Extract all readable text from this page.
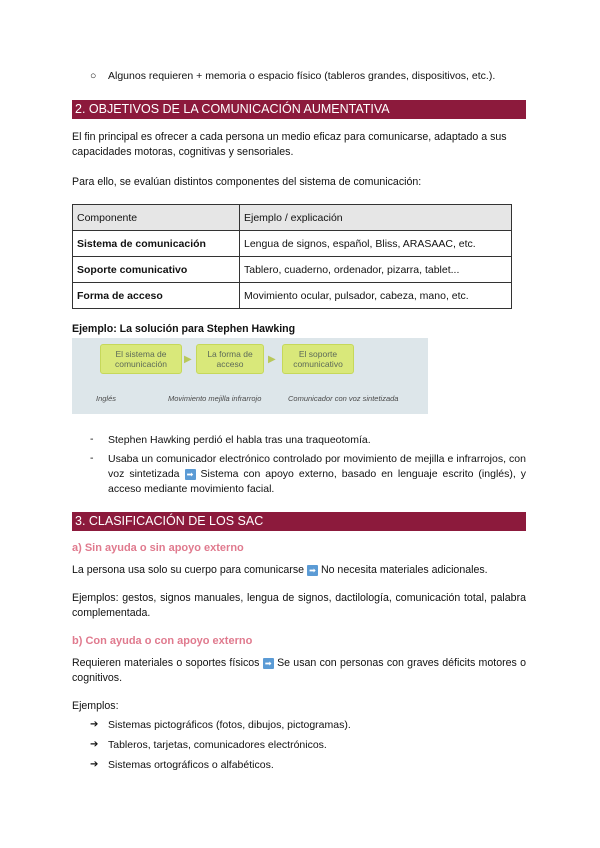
○ Algunos requieren + memoria o espacio físico (tableros grandes, dispositivos, etc.).
2. OBJETIVOS DE LA COMUNICACIÓN AUMENTATIVA
El fin principal es ofrecer a cada persona un medio eficaz para comunicarse, adaptado a sus capacidades motoras, cognitivas y sensoriales.
Para ello, se evalúan distintos componentes del sistema de comunicación:
Componente	Ejemplo / explicación
Sistema de comunicación	Lengua de signos, español, Bliss, ARASAAC, etc.
Soporte comunicativo	Tablero, cuaderno, ordenador, pizarra, tablet...
Forma de acceso	Movimiento ocular, pulsador, cabeza, mano, etc.
Ejemplo: La solución para Stephen Hawking
El sistema de comunicación	▶	La forma de acceso	▶	El soporte comunicativo
Inglés	Movimiento mejilla infrarrojo	Comunicador con voz sintetizada
- Stephen Hawking perdió el habla tras una traqueotomía.
- Usaba un comunicador electrónico controlado por movimiento de mejilla e infrarrojos, con voz sintetizada ➡ Sistema con apoyo externo, basado en lenguaje escrito (inglés), y acceso mediante movimiento facial.
3. CLASIFICACIÓN DE LOS SAC
a) Sin ayuda o sin apoyo externo
La persona usa solo su cuerpo para comunicarse ➡ No necesita materiales adicionales.
Ejemplos: gestos, signos manuales, lengua de signos, dactilología, comunicación total, palabra complementada.
b) Con ayuda o con apoyo externo
Requieren materiales o soportes físicos ➡ Se usan con personas con graves déficits motores o cognitivos.
Ejemplos:
➔ Sistemas pictográficos (fotos, dibujos, pictogramas).
➔ Tableros, tarjetas, comunicadores electrónicos.
➔ Sistemas ortográficos o alfabéticos.
